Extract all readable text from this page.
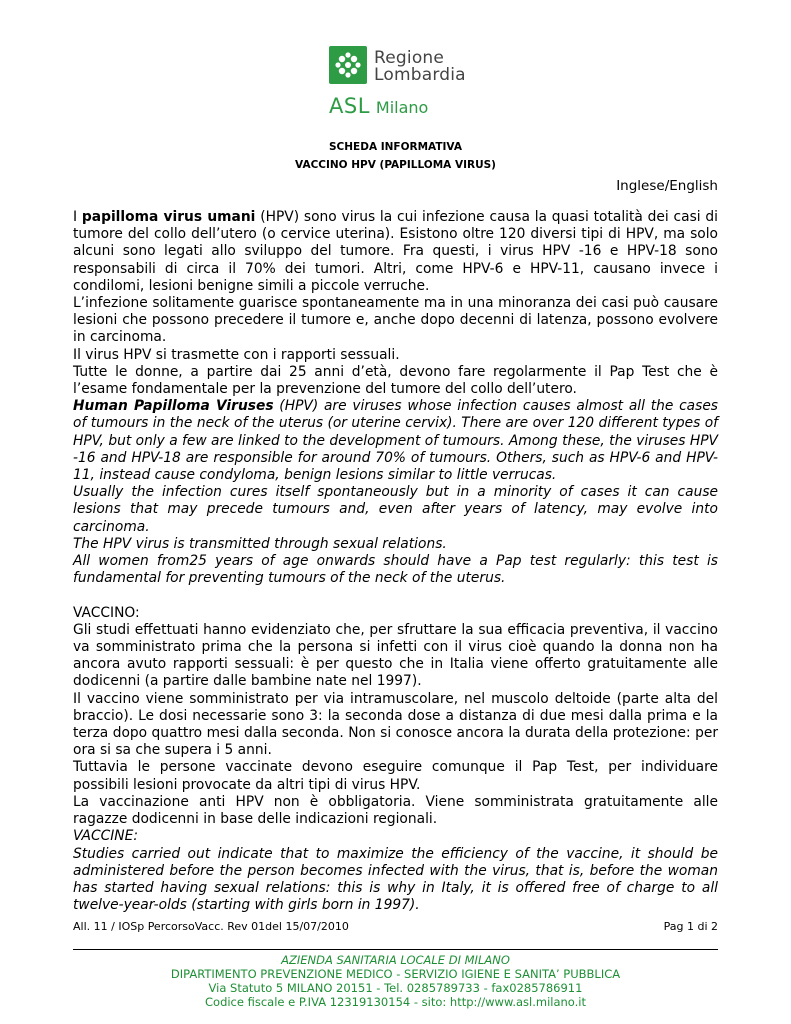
Regione
Lombardia
ASL Milano
SCHEDA INFORMATIVA
VACCINO HPV (PAPILLOMA VIRUS)
Inglese/English

I papilloma virus umani (HPV) sono virus la cui infezione causa la quasi totalità dei casi di tumore del collo dell’utero (o cervice uterina). Esistono oltre 120 diversi tipi di HPV, ma solo alcuni sono legati allo sviluppo del tumore. Fra questi, i virus HPV -16 e HPV-18 sono responsabili di circa il 70% dei tumori. Altri, come HPV-6 e HPV-11, causano invece i condilomi, lesioni benigne simili a piccole verruche.

L’infezione solitamente guarisce spontaneamente ma in una minoranza dei casi può causare lesioni che possono precedere il tumore e, anche dopo decenni di latenza, possono evolvere in carcinoma.

Il virus HPV si trasmette con i rapporti sessuali.

Tutte le donne, a partire dai 25 anni d’età, devono fare regolarmente il Pap Test che è l’esame fondamentale per la prevenzione del tumore del collo dell’utero.

Human Papilloma Viruses (HPV) are viruses whose infection causes almost all the cases of tumours in the neck of the uterus (or uterine cervix). There are over 120 different types of HPV, but only a few are linked to the development of tumours. Among these, the viruses HPV -16 and HPV-18 are responsible for around 70% of tumours. Others, such as HPV-6 and HPV-11, instead cause condyloma, benign lesions similar to little verrucas.

Usually the infection cures itself spontaneously but in a minority of cases it can cause lesions that may precede tumours and, even after years of latency, may evolve into carcinoma.

The HPV virus is transmitted through sexual relations.

All women from25 years of age onwards should have a Pap test regularly: this test is fundamental for preventing tumours of the neck of the uterus.

VACCINO:

Gli studi effettuati hanno evidenziato che, per sfruttare la sua efficacia preventiva, il vaccino va somministrato prima che la persona si infetti con il virus cioè quando la donna non ha ancora avuto rapporti sessuali: è per questo che in Italia viene offerto gratuitamente alle dodicenni (a partire dalle bambine nate nel 1997).

Il vaccino viene somministrato per via intramuscolare, nel muscolo deltoide (parte alta del braccio). Le dosi necessarie sono 3: la seconda dose a distanza di due mesi dalla prima e la terza dopo quattro mesi dalla seconda. Non si conosce ancora la durata della protezione: per ora si sa che supera i 5 anni.

Tuttavia le persone vaccinate devono eseguire comunque il Pap Test, per individuare possibili lesioni provocate da altri tipi di virus HPV.

La vaccinazione anti HPV non è obbligatoria. Viene somministrata gratuitamente alle ragazze dodicenni in base delle indicazioni regionali.

VACCINE:

Studies carried out indicate that to maximize the efficiency of the vaccine, it should be administered before the person becomes infected with the virus, that is, before the woman has started having sexual relations: this is why in Italy, it is offered free of charge to all twelve-year-olds (starting with girls born in 1997).

All. 11 / IOSp PercorsoVacc. Rev 01del 15/07/2010	Pag 1 di 2
AZIENDA SANITARIA LOCALE DI MILANO
DIPARTIMENTO PREVENZIONE MEDICO - SERVIZIO IGIENE E SANITA’ PUBBLICA
Via Statuto 5 MILANO 20151 - Tel. 0285789733 - fax0285786911
Codice fiscale e P.IVA 12319130154 - sito: http://www.asl.milano.it
